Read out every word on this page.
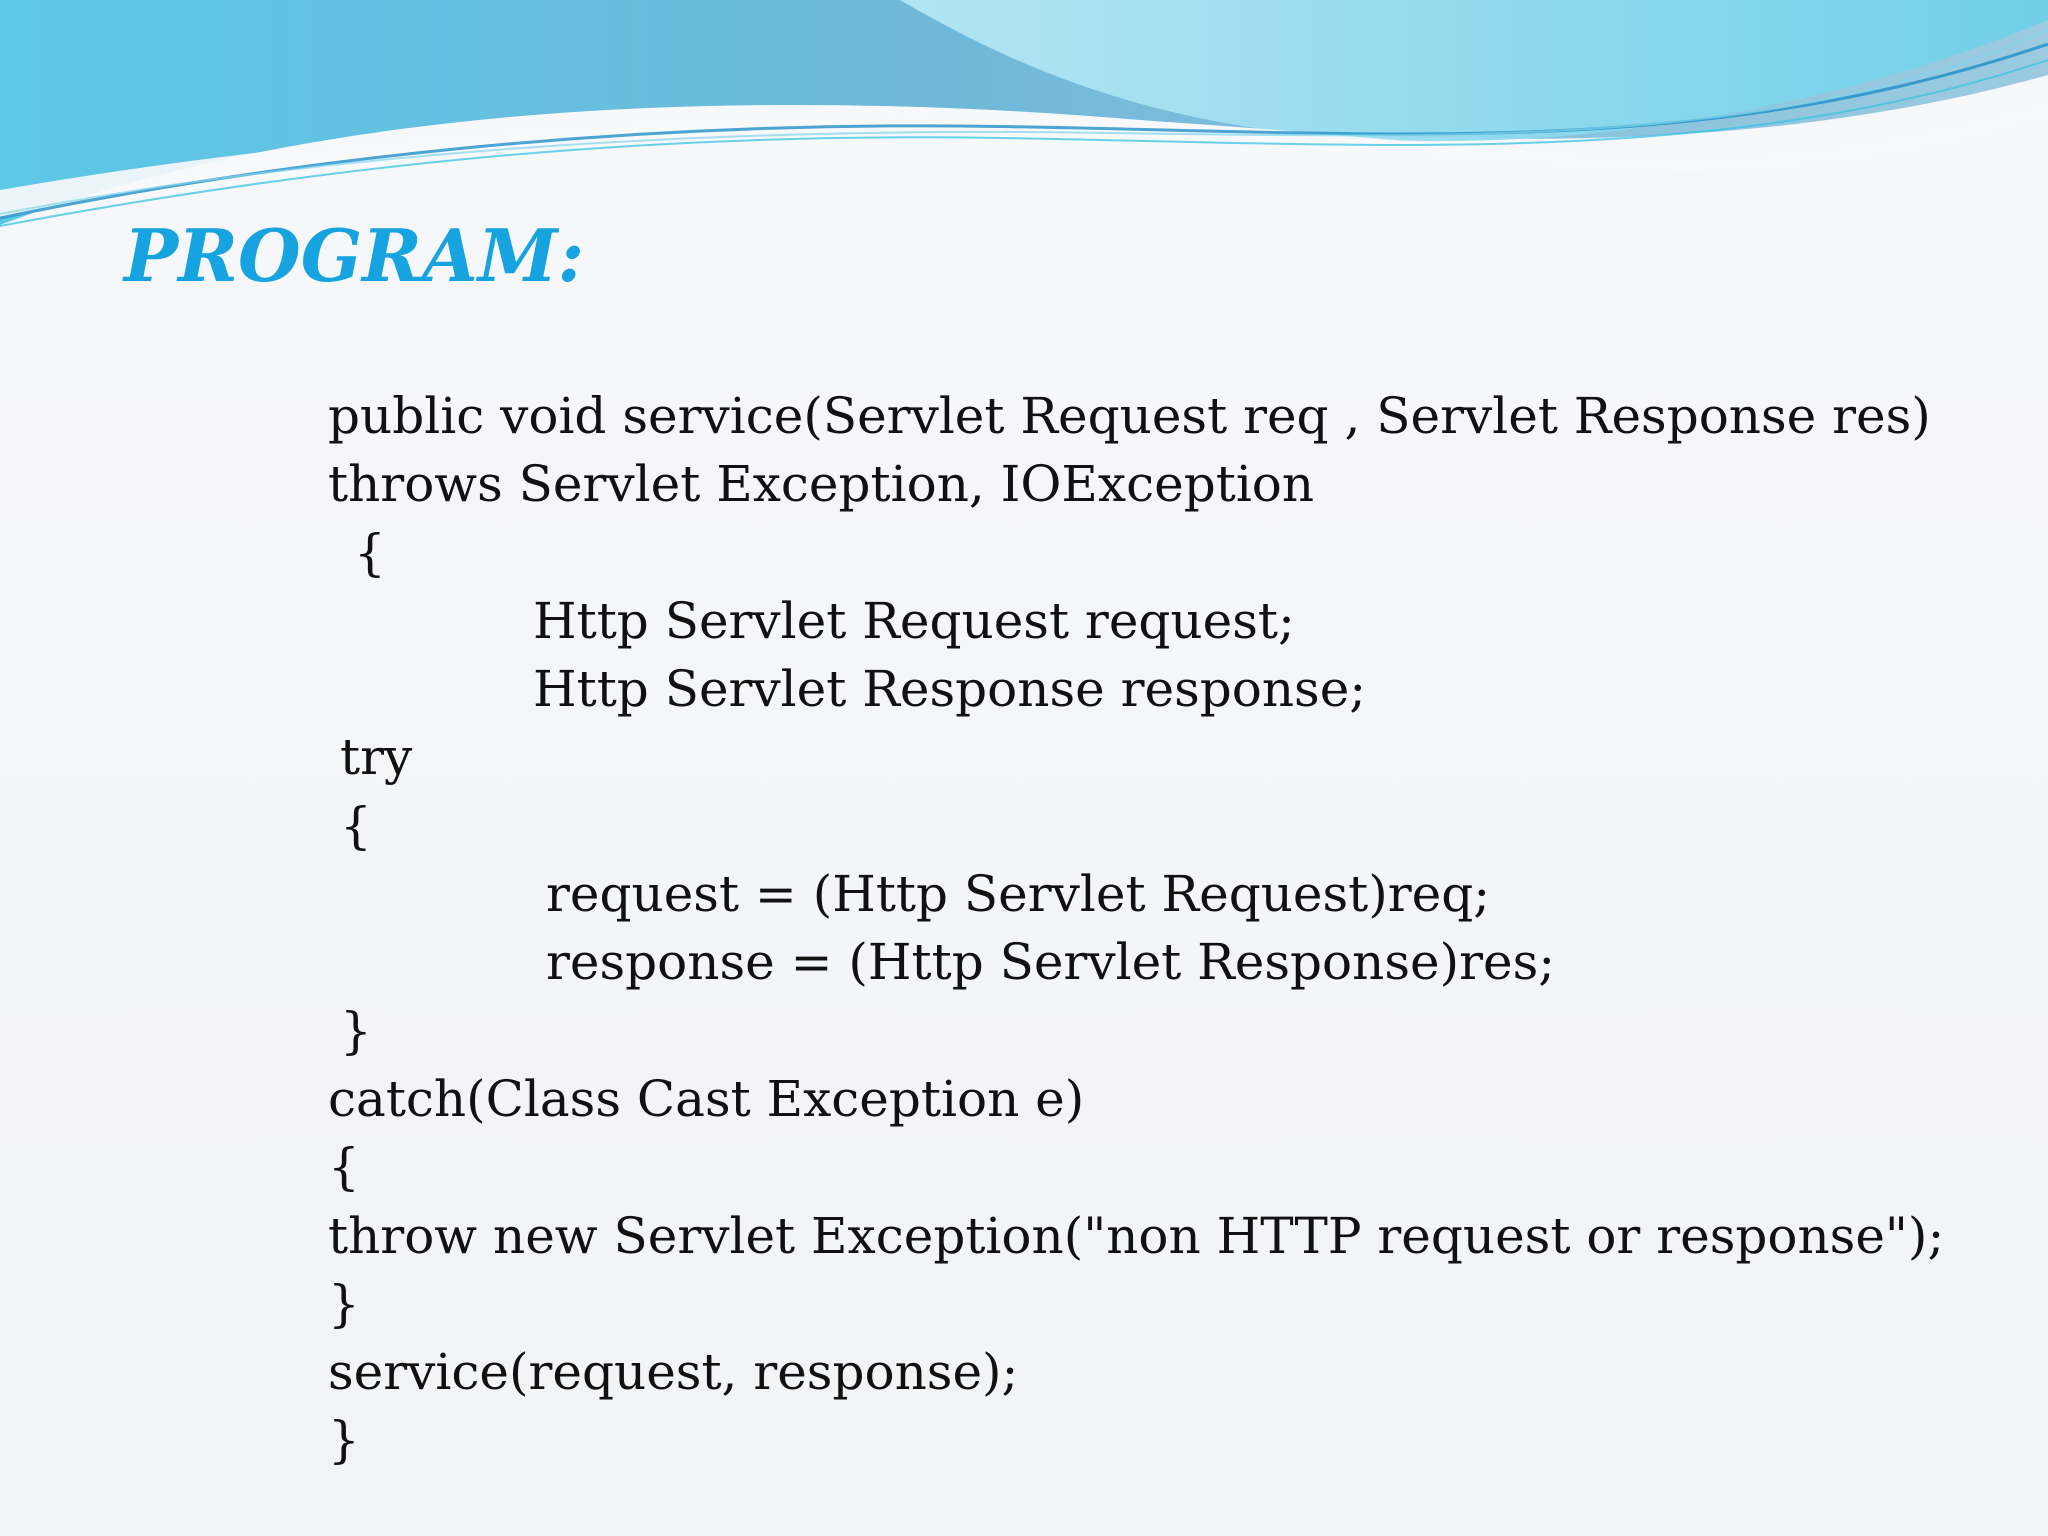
PROGRAM:
public void service(Servlet Request req , Servlet Response res)
throws Servlet Exception, IOException
{
Http Servlet Request request;
Http Servlet Response response;
try
{
request = (Http Servlet Request)req;
response = (Http Servlet Response)res;
}
catch(Class Cast Exception e)
{
throw new Servlet Exception("non HTTP request or response");
}
service(request, response);
}
